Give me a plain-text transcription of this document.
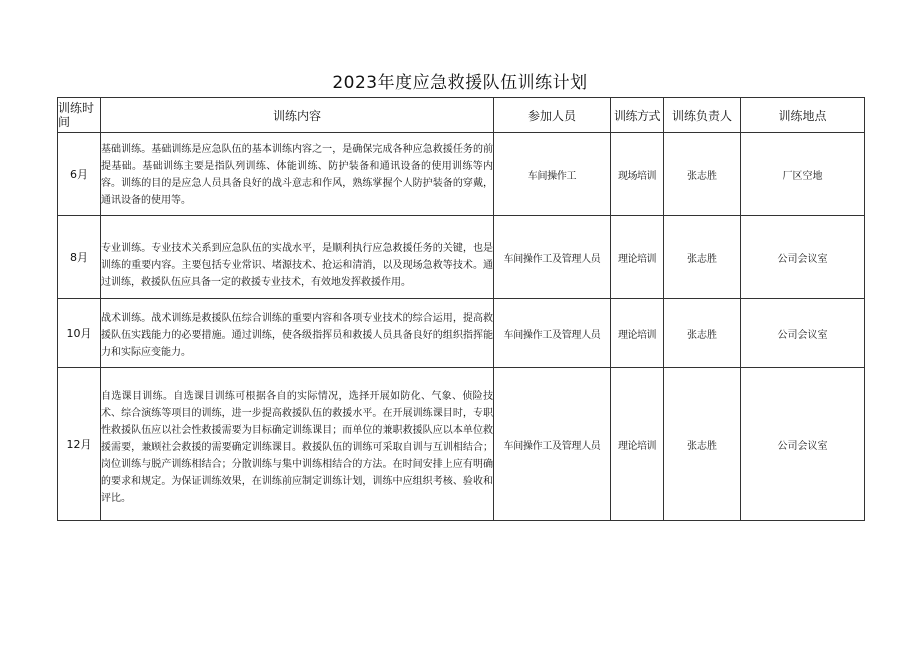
2023年度应急救援队伍训练计划
训练时间	训练内容	参加人员	训练方式	训练负责人	训练地点
6月	基础训练。基础训练是应急队伍的基本训练内容之一，是确保完成各种应急救援任务的前提基础。基础训练主要是指队列训练、体能训练、防护装备和通讯设备的使用训练等内容。训练的目的是应急人员具备良好的战斗意志和作风，熟练掌握个人防护装备的穿戴，通讯设备的使用等。	车间操作工	现场培训	张志胜	厂区空地
8月	专业训练。专业技术关系到应急队伍的实战水平，是顺利执行应急救援任务的关键，也是训练的重要内容。主要包括专业常识、堵源技术、抢运和清消，以及现场急救等技术。通过训练，救援队伍应具备一定的救援专业技术，有效地发挥救援作用。	车间操作工及管理人员	理论培训	张志胜	公司会议室
10月	战术训练。战术训练是救援队伍综合训练的重要内容和各项专业技术的综合运用，提高救援队伍实践能力的必要措施。通过训练，使各级指挥员和救援人员具备良好的组织指挥能力和实际应变能力。	车间操作工及管理人员	理论培训	张志胜	公司会议室
12月	自选课目训练。自选课目训练可根据各自的实际情况，选择开展如防化、气象、侦险技术、综合演练等项目的训练，进一步提高救援队伍的救援水平。在开展训练课目时，专职性救援队伍应以社会性救援需要为目标确定训练课目；而单位的兼职救援队应以本单位救援需要，兼顾社会救援的需要确定训练课目。救援队伍的训练可采取自训与互训相结合；岗位训练与脱产训练相结合；分散训练与集中训练相结合的方法。在时间安排上应有明确的要求和规定。为保证训练效果，在训练前应制定训练计划，训练中应组织考核、验收和评比。	车间操作工及管理人员	理论培训	张志胜	公司会议室
